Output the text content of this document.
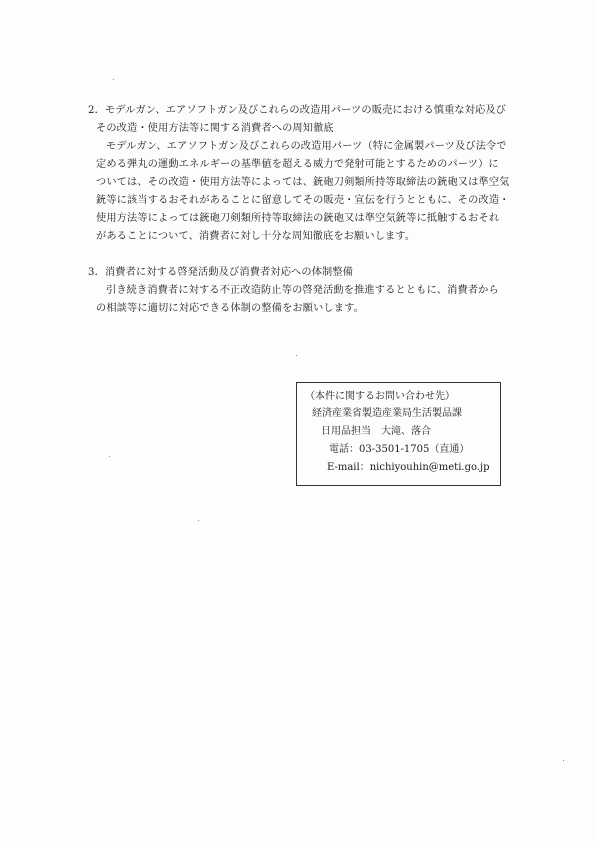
2．モデルガン、エアソフトガン及びこれらの改造用パーツの販売における慎重な対応及び
その改造・使用方法等に関する消費者への周知徹底
モデルガン、エアソフトガン及びこれらの改造用パーツ（特に金属製パーツ及び法令で
定める弾丸の運動エネルギーの基準値を超える威力で発射可能とするためのパーツ）に
ついては、その改造・使用方法等によっては、銃砲刀剣類所持等取締法の銃砲又は準空気
銃等に該当するおそれがあることに留意してその販売・宣伝を行うとともに、その改造・
使用方法等によっては銃砲刀剣類所持等取締法の銃砲又は準空気銃等に抵触するおそれ
があることについて、消費者に対し十分な周知徹底をお願いします。
3．消費者に対する啓発活動及び消費者対応への体制整備
引き続き消費者に対する不正改造防止等の啓発活動を推進するとともに、消費者から
の相談等に適切に対応できる体制の整備をお願いします。
（本件に関するお問い合わせ先）
経済産業省製造産業局生活製品課
日用品担当　大滝、落合
電話：03-3501-1705（直通）
E-mail：nichiyouhin@meti.go.jp
